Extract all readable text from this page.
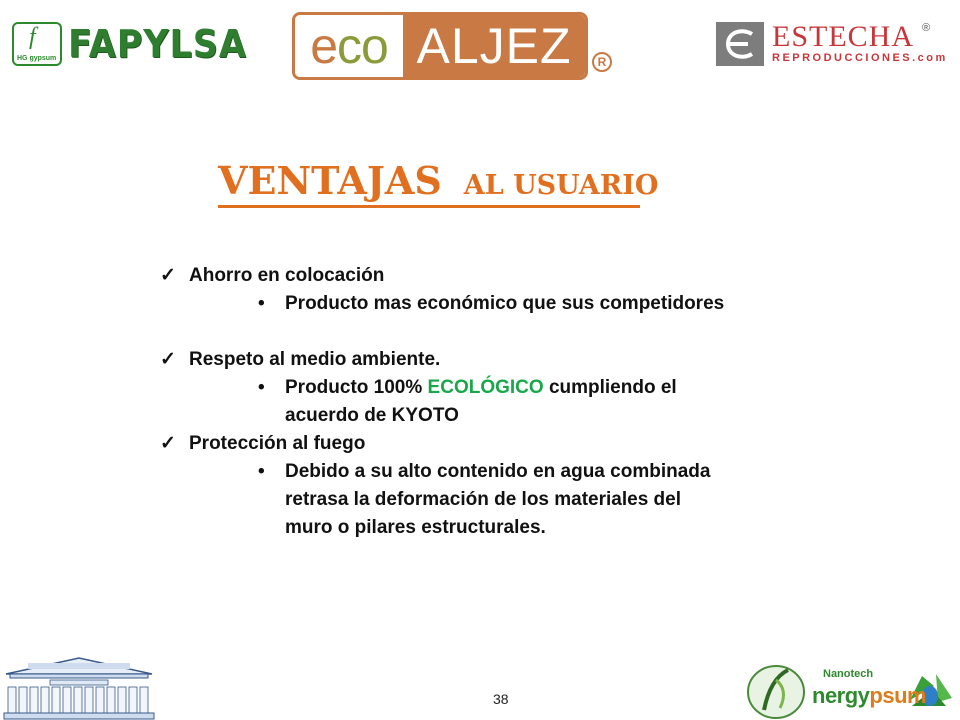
f
HG gypsum FAPYLSA e co ALJEZ	R
ESTECHA ®
REPRODUCCIONES.com
VENTAJAS AL USUARIO
✓ Ahorro en colocación
• Producto mas económico que sus competidores
✓ Respeto al medio ambiente.
• Producto 100% ECOLÓGICO cumpliendo el
acuerdo de KYOTO
✓ Protección al fuego
• Debido a su alto contenido en agua combinada
retrasa la deformación de los materiales del
muro o pilares estructurales.
38
Nanotech
nergypsum
